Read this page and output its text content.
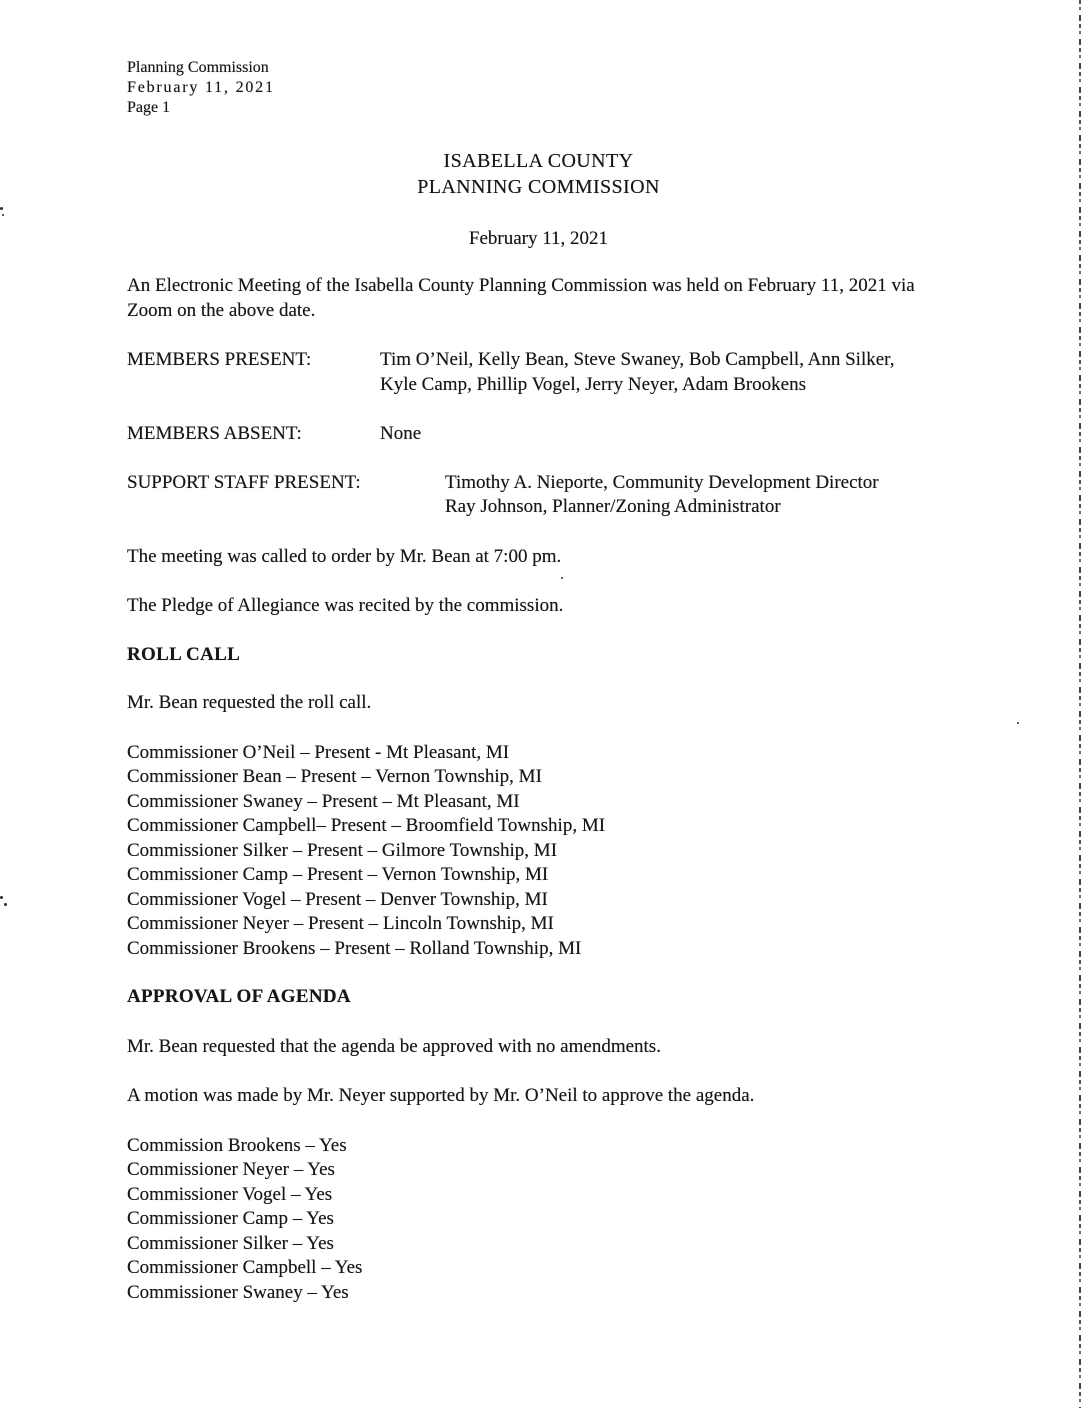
Planning Commission
February 11, 2021
Page 1
ISABELLA COUNTY
PLANNING COMMISSION
February 11, 2021
An Electronic Meeting of the Isabella County Planning Commission was held on February 11, 2021 via Zoom on the above date.
MEMBERS PRESENT:	Tim O’Neil, Kelly Bean, Steve Swaney, Bob Campbell, Ann Silker, Kyle Camp, Phillip Vogel, Jerry Neyer, Adam Brookens
MEMBERS ABSENT:	None
SUPPORT STAFF PRESENT:	Timothy A. Nieporte, Community Development Director
Ray Johnson, Planner/Zoning Administrator
The meeting was called to order by Mr. Bean at 7:00 pm.
The Pledge of Allegiance was recited by the commission.
ROLL CALL
Mr. Bean requested the roll call.
Commissioner O’Neil – Present - Mt Pleasant, MI
Commissioner Bean – Present – Vernon Township, MI
Commissioner Swaney – Present – Mt Pleasant, MI
Commissioner Campbell– Present – Broomfield Township, MI
Commissioner Silker – Present – Gilmore Township, MI
Commissioner Camp – Present – Vernon Township, MI
Commissioner Vogel – Present – Denver Township, MI
Commissioner Neyer – Present – Lincoln Township, MI
Commissioner Brookens – Present – Rolland Township, MI
APPROVAL OF AGENDA
Mr. Bean requested that the agenda be approved with no amendments.
A motion was made by Mr. Neyer supported by Mr. O’Neil to approve the agenda.
Commission Brookens – Yes
Commissioner Neyer – Yes
Commissioner Vogel – Yes
Commissioner Camp – Yes
Commissioner Silker – Yes
Commissioner Campbell – Yes
Commissioner Swaney – Yes
